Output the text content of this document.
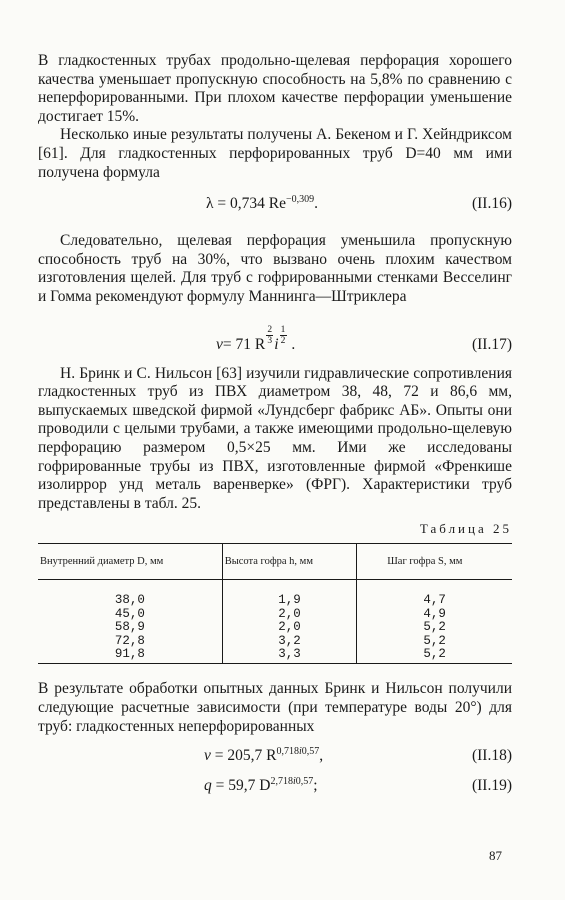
В гладкостенных трубах продольно-щелевая перфорация хорошего качества уменьшает пропускную способность на 5,8% по сравнению с неперфорированными. При плохом качестве перфорации уменьшение достигает 15%.

Несколько иные результаты получены А. Бекеном и Г. Хейндриксом [61]. Для гладкостенных перфорированных труб D=40 мм ими получена формула

λ = 0,734 $Re^{-0,309}$.	(II.16)

Следовательно, щелевая перфорация уменьшила пропускную способность труб на 30%, что вызвано очень плохим качеством изготовления щелей. Для труб с гофрированными стенками Весселинг и Гомма рекомендуют формулу Маннинга—Штриклера

v= 71 R $\frac{2}{3}$ i $\frac{1}{2}$ .	(II.17)

Н. Бринк и С. Нильсон [63] изучили гидравлические сопротивления гладкостенных труб из ПВХ диаметром 38, 48, 72 и 86,6 мм, выпускаемых шведской фирмой «Лундсберг фабрикс АБ». Опыты они проводили с целыми трубами, а также имеющими продольно-щелевую перфорацию размером 0,5×25 мм. Ими же исследованы гофрированные трубы из ПВХ, изготовленные фирмой «Френкише изолиррор унд металь варенверке» (ФРГ). Характеристики труб представлены в табл. 25.

Таблица 25
Внутренний диаметр D, мм	Высота гофра h, мм	Шаг гофра S, мм
38,0	1,9	4,7
45,0	2,0	4,9
58,9	2,0	5,2
72,8	3,2	5,2
91,8	3,3	5,2

В результате обработки опытных данных Бринк и Нильсон получили следующие расчетные зависимости (при температуре воды 20°) для труб: гладкостенных неперфорированных

v = 205,7 $R^{0,718i0,57}$,	(II.18)
q = 59,7 $D^{2,718i0,57}$;	(II.19)
87
